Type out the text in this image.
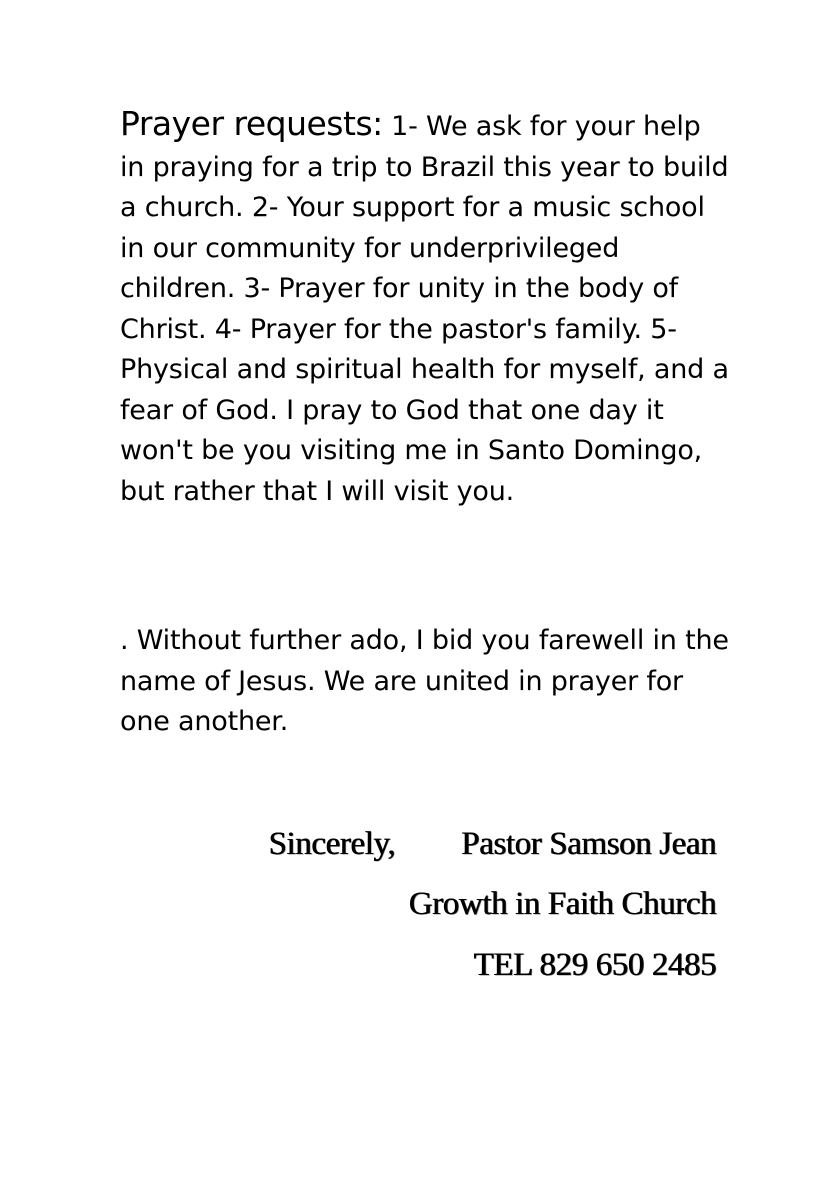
Prayer requests: 1- We ask for your help in praying for a trip to Brazil this year to build a church. 2- Your support for a music school in our community for underprivileged children. 3- Prayer for unity in the body of Christ. 4- Prayer for the pastor's family. 5- Physical and spiritual health for myself, and a fear of God. I pray to God that one day it won't be you visiting me in Santo Domingo, but rather that I will visit you.

. Without further ado, I bid you farewell in the name of Jesus. We are united in prayer for one another.

Sincerely, Pastor Samson Jean
Growth in Faith Church
TEL 829 650 2485
